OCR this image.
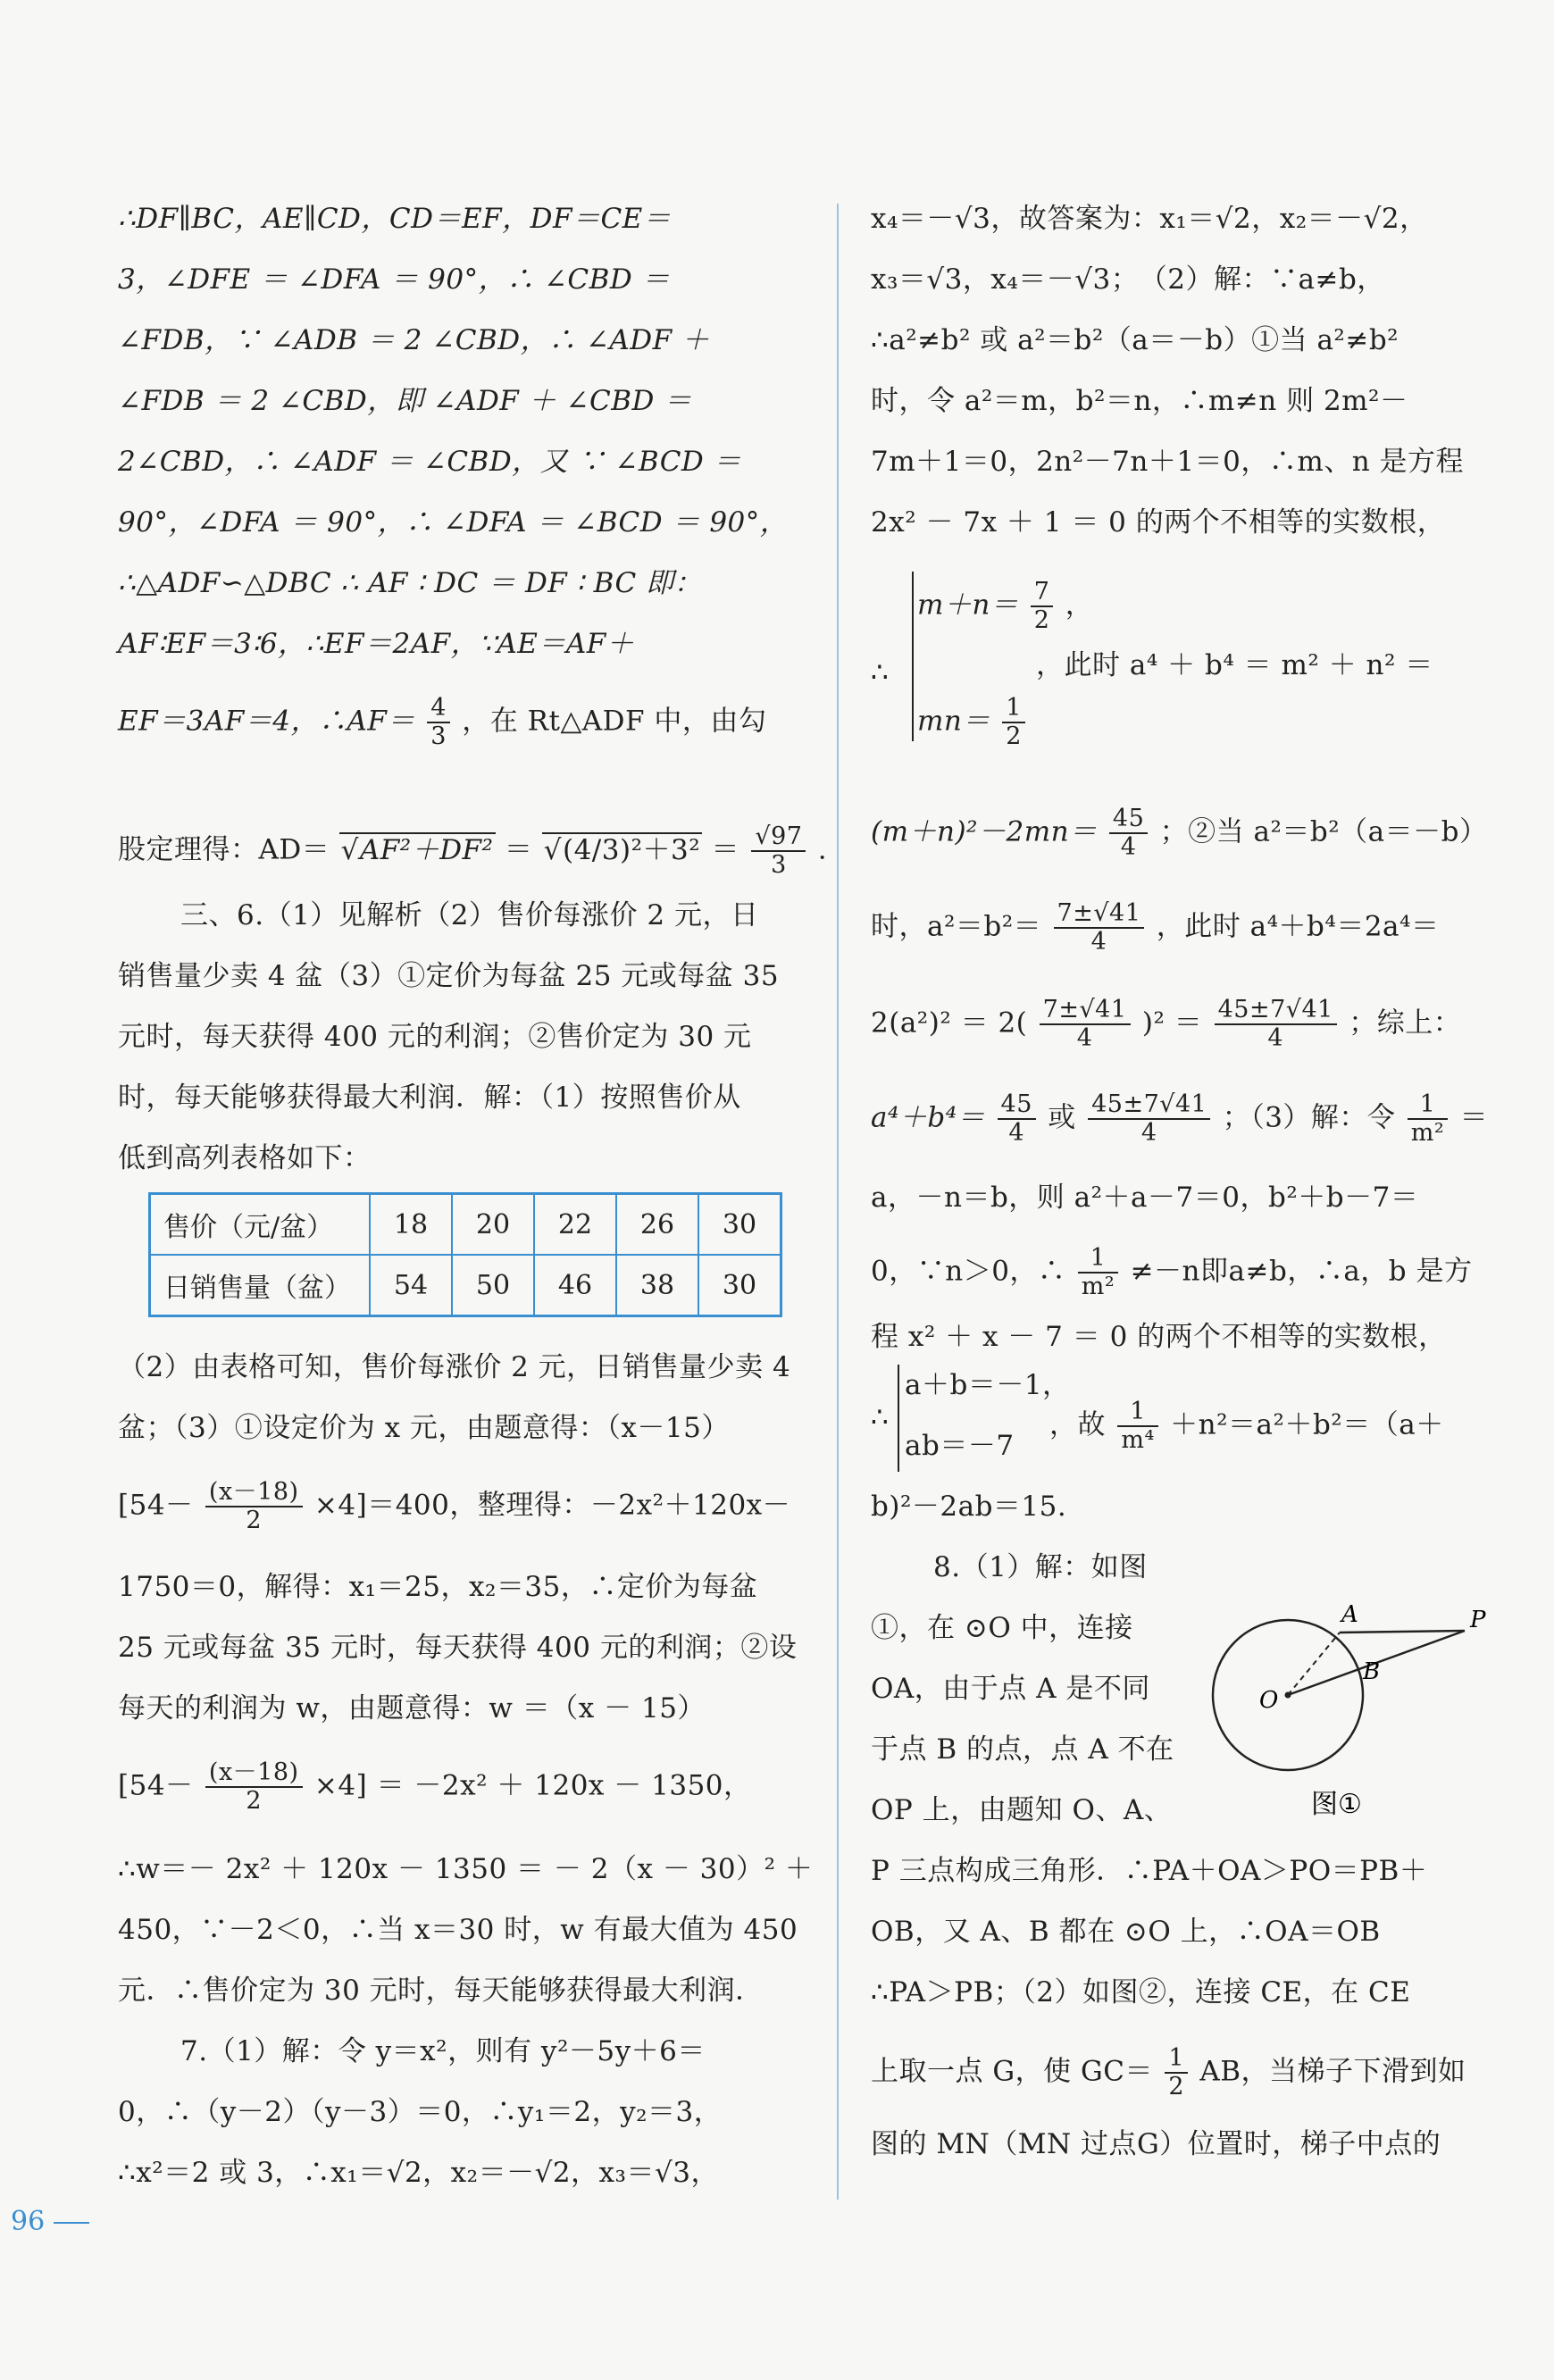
∴DF∥BC，AE∥CD，CD＝EF，DF＝CE＝
3，∠DFE ＝ ∠DFA ＝ 90°，∴ ∠CBD ＝
∠FDB，∵ ∠ADB ＝ 2 ∠CBD，∴ ∠ADF ＋
∠FDB ＝ 2 ∠CBD，即 ∠ADF ＋ ∠CBD ＝
2∠CBD，∴ ∠ADF ＝ ∠CBD，又 ∵ ∠BCD ＝
90°，∠DFA ＝ 90°，∴ ∠DFA ＝ ∠BCD ＝ 90°，
∴△ADF∽△DBC ∴ AF ∶ DC ＝ DF ∶ BC 即：
AF∶EF＝3∶6，∴EF＝2AF，∵AE＝AF＋
EF＝3AF＝4，∴AF＝ $\frac{4}{3}$ ，在 Rt△ADF 中，由勾
股定理得：AD＝ √ AF²＋DF² ＝ √ $(4/3)^2+3^2 = \frac{√97}{3}$ .
三、6.（1）见解析（2）售价每涨价 2 元，日
销售量少卖 4 盆（3）①定价为每盆 25 元或每盆 35
元时，每天获得 400 元的利润；②售价定为 30 元
时，每天能够获得最大利润．解：（1）按照售价从
低到高列表格如下：
售价（元/盆）	18	20	22	26	30
日销售量（盆）	54	50	46	38	30
（2）由表格可知，售价每涨价 2 元，日销售量少卖 4
盆；（3）①设定价为 x 元，由题意得：（x－15）
$[54- \frac{(x-18)}{2} \times 4]=400$，整理得：－2x²＋120x－
1750＝0，解得：x₁＝25，x₂＝35，∴定价为每盆
25 元或每盆 35 元时，每天获得 400 元的利润；②设
每天的利润为 w，由题意得：w ＝（x － 15）
$[54- \frac{(x-18)}{2} \times 4] = -2x^2 + 120x - 1350$，
∴w＝－ 2x² ＋ 120x － 1350 ＝ － 2（x － 30）² ＋
450，∵－2＜0，∴当 x＝30 时，w 有最大值为 450
元．∴售价定为 30 元时，每天能够获得最大利润．
7.（1）解：令 y＝x²，则有 y²－5y＋6＝
0，∴（y－2）（y－3）＝0，∴y₁＝2，y₂＝3，
∴x²＝2 或 3，∴x₁＝√2，x₂＝－√2，x₃＝√3，
x₄＝－√3，故答案为：x₁＝√2，x₂＝－√2，
x₃＝√3，x₄＝－√3；　（2）解：∵a≠b，
∴a²≠b² 或 a²＝b²（a＝－b）①当 a²≠b²
时，令 a²＝m，b²＝n，∴m≠n 则 2m²－
7m＋1＝0，2n²－7n＋1＝0，∴m、n 是方程
2x² － 7x ＋ 1 ＝ 0 的两个不相等的实数根，
$m+n= \frac{7}{2}$ ，
∴	，此时 a⁴ ＋ b⁴ ＝ m² ＋ n² ＝
$mn= \frac{1}{2}$
$(m+n)^2-2mn= \frac{45}{4}$ ；②当 a²＝b²（a＝－b）
时，$a^2=b^2= \frac{7\pm√41}{4}$ ，此时 a⁴＋b⁴＝2a⁴＝
$2(a^2)^2 = 2( \frac{7\pm√41}{4} )^2 = \frac{45\pm 7√41}{4}$ ；综上：
$a^4+b^4= \frac{45}{4}$ 或 $\frac{45\pm 7√41}{4}$ ；（3）解：令 $\frac{1}{\text{m²}}$ ＝
a，－n＝b，则 a²＋a－7＝0，b²＋b－7＝
0，∵n＞0，∴ $\frac{1}{\text{m²}} \ne-n$即a≠b，∴a，b 是方
程 x² ＋ x － 7 ＝ 0 的两个不相等的实数根，
a＋b＝－1，
∴	，故 $\frac{1}{\text{m⁴}} +n^2=a^2+b^2=(a+$
ab＝－7
b)²－2ab＝15.
8.（1）解：如图
①，在 ⊙O 中，连接
OA，由于点 A 是不同
于点 B 的点，点 A 不在
OP 上，由题知 O、A、
P 三点构成三角形．∴PA＋OA＞PO＝PB＋
OB，又 A、B 都在 ⊙O 上，∴OA＝OB
∴PA＞PB；（2）如图②，连接 CE，在 CE
上取一点 G，使 $GC= \frac{1}{2}$ AB，当梯子下滑到如
图的 MN（MN 过点G）位置时，梯子中点的
A	P
B
O
图①
96
